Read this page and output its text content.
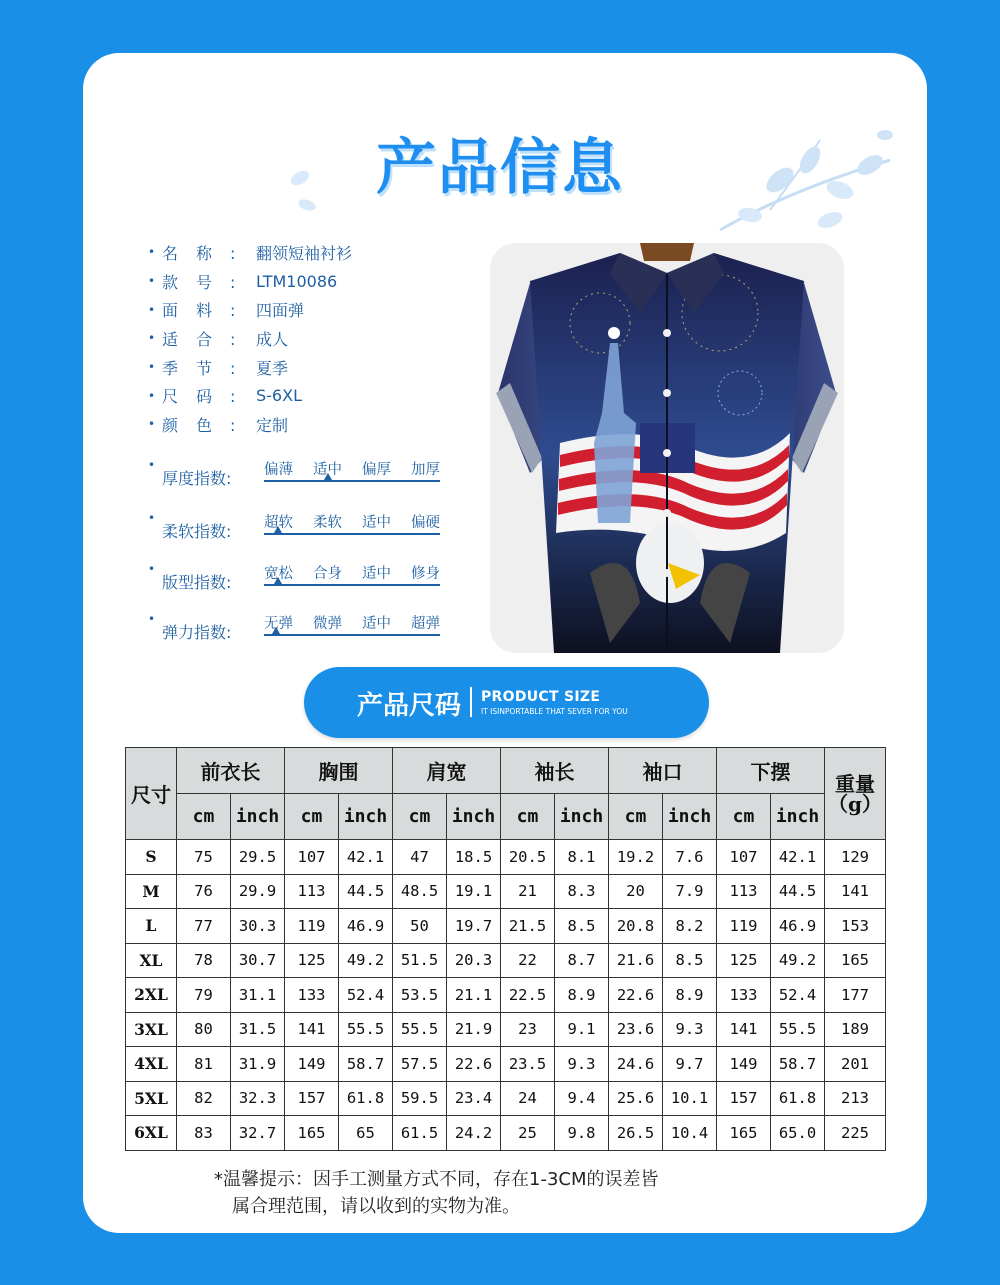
产品信息
• 名称: 翻领短袖衬衫
• 款号: LTM10086
• 面料: 四面弹
• 适合: 成人
• 季节: 夏季
• 尺码: S-6XL
• 颜色: 定制
•
厚度指数:	偏薄 适中 偏厚 加厚
•
柔软指数:	超软 柔软 适中 偏硬
•
版型指数:	宽松 合身 适中 修身
•
弹力指数:	无弹 微弹 适中 超弹
产品尺码 PRODUCT SIZE
IT ISINPORTABLE THAT SEVER FOR YOU
尺寸	前衣长		胸围		肩宽		袖长		袖口		下摆		重量
（g）

	cm	inch	cm	inch	cm	inch	cm	inch	cm	inch	cm	inch	
S	75	29.5	107	42.1	47	18.5	20.5	8.1	19.2	7.6	107	42.1	129
M	76	29.9	113	44.5	48.5	19.1	21	8.3	20	7.9	113	44.5	141
L	77	30.3	119	46.9	50	19.7	21.5	8.5	20.8	8.2	119	46.9	153
XL	78	30.7	125	49.2	51.5	20.3	22	8.7	21.6	8.5	125	49.2	165
2XL	79	31.1	133	52.4	53.5	21.1	22.5	8.9	22.6	8.9	133	52.4	177
3XL	80	31.5	141	55.5	55.5	21.9	23	9.1	23.6	9.3	141	55.5	189
4XL	81	31.9	149	58.7	57.5	22.6	23.5	9.3	24.6	9.7	149	58.7	201
5XL	82	32.3	157	61.8	59.5	23.4	24	9.4	25.6	10.1	157	61.8	213
6XL	83	32.7	165	65	61.5	24.2	25	9.8	26.5	10.4	165	65.0	225
*温馨提示：因手工测量方式不同，存在1-3CM的误差皆
属合理范围，请以收到的实物为准。
